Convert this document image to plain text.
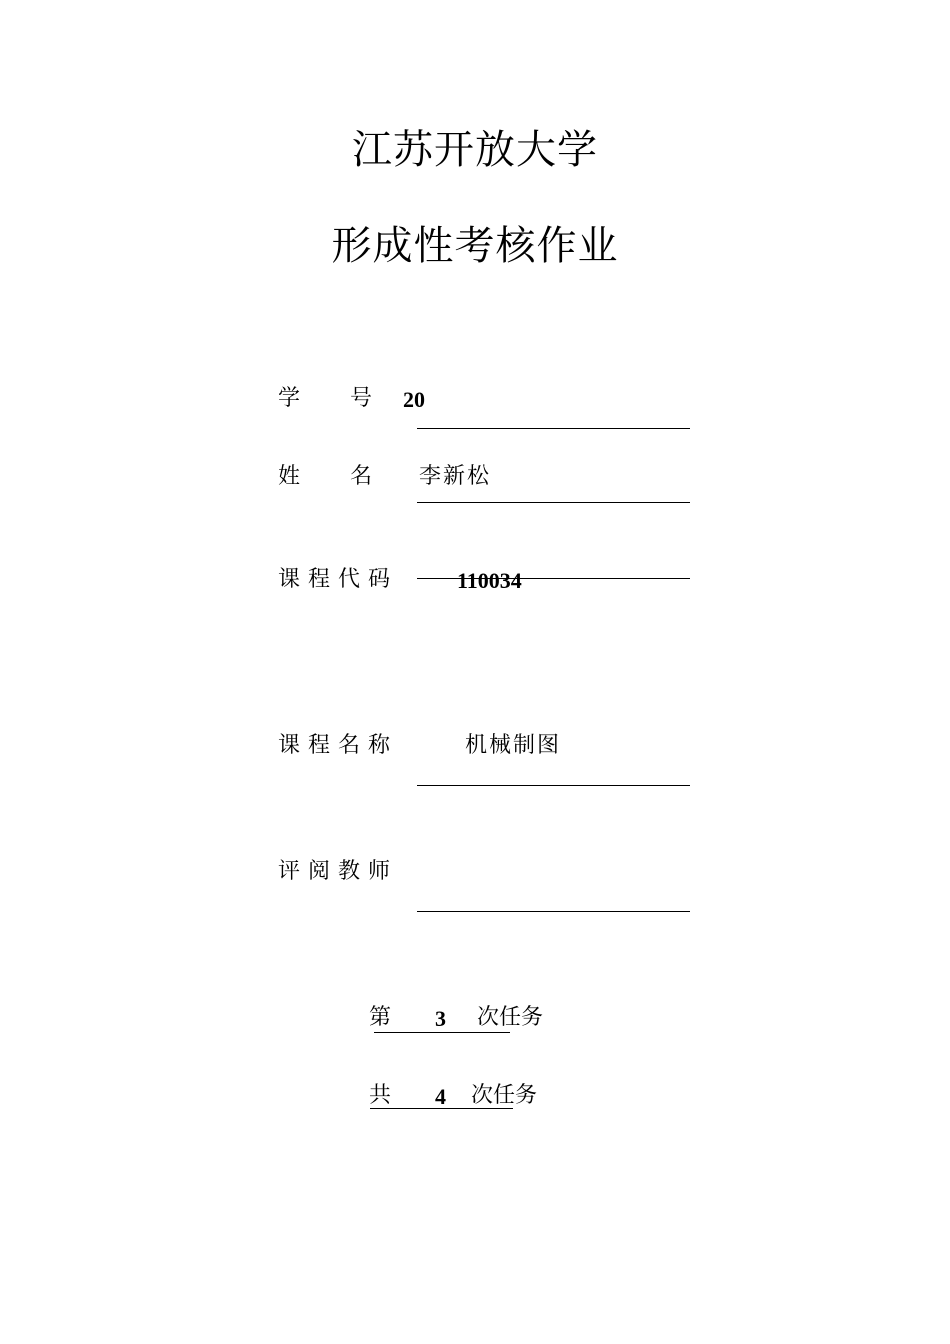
江苏开放大学
形成性考核作业
学　　号 20
姓　　名 李新松
课程代码	110034
课程名称	机械制图
评阅教师
第 3 次任务
共 4 次任务
